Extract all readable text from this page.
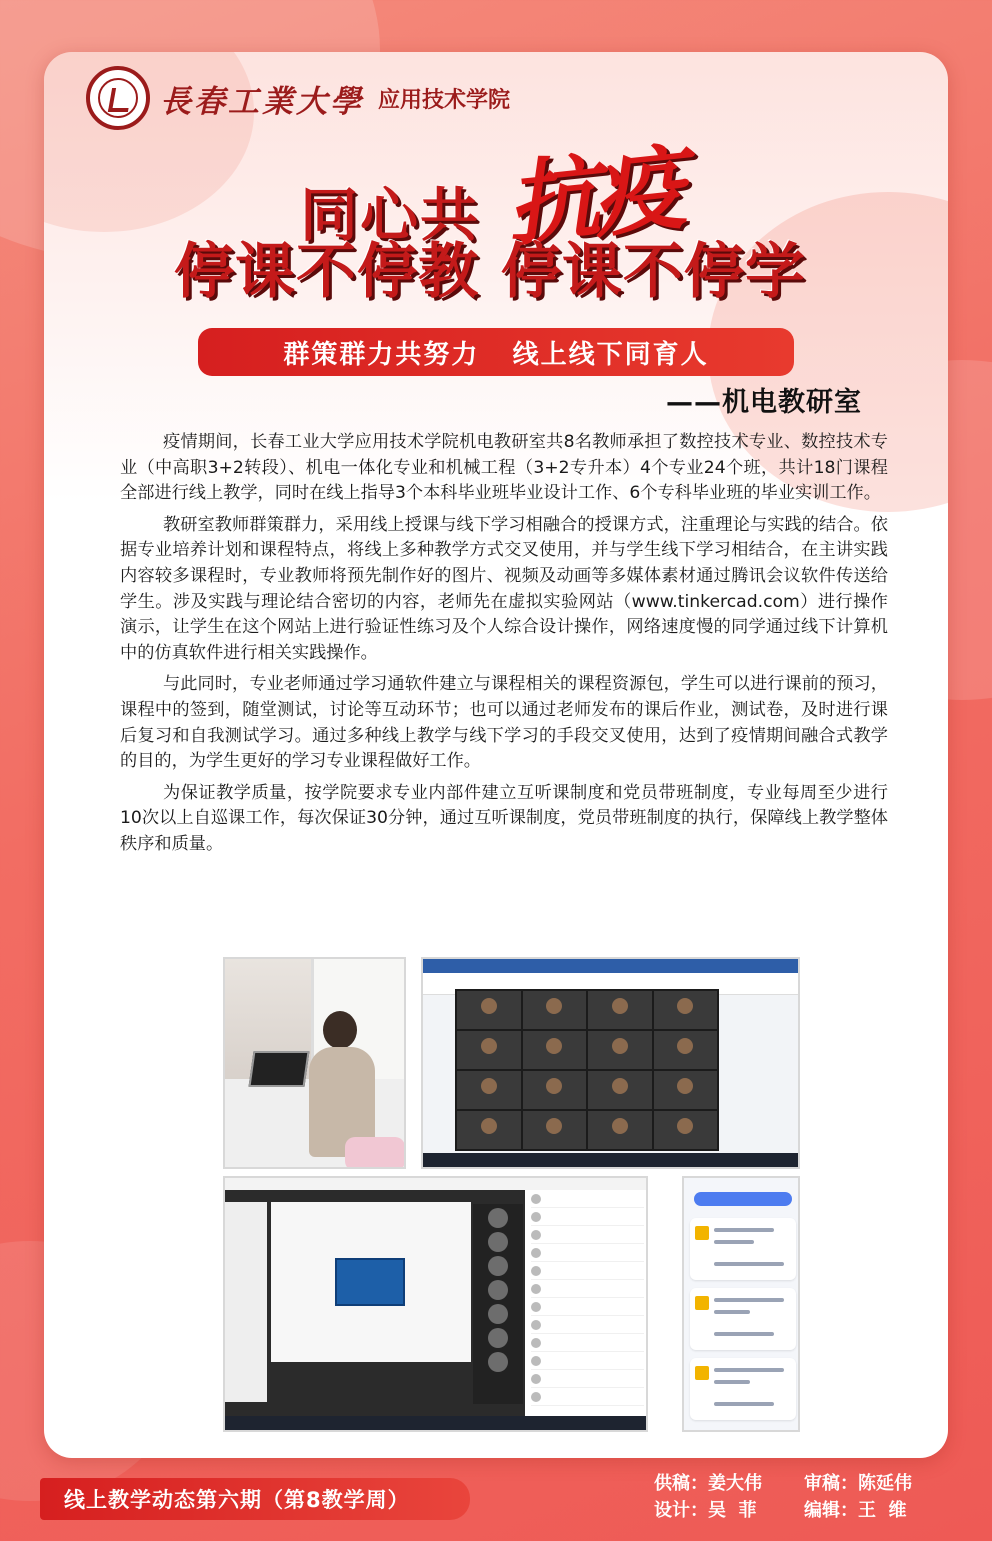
長春工業大學 应用技术学院
同心共 抗疫
停课不停教 停课不停学
群策群力共努力   线上线下同育人
——机电教研室

疫情期间，长春工业大学应用技术学院机电教研室共8名教师承担了数控技术专业、数控技术专业（中高职3+2转段）、机电一体化专业和机械工程（3+2专升本）4个专业24个班，共计18门课程全部进行线上教学，同时在线上指导3个本科毕业班毕业设计工作、6个专科毕业班的毕业实训工作。

教研室教师群策群力，采用线上授课与线下学习相融合的授课方式，注重理论与实践的结合。依据专业培养计划和课程特点，将线上多种教学方式交叉使用，并与学生线下学习相结合，在主讲实践内容较多课程时，专业教师将预先制作好的图片、视频及动画等多媒体素材通过腾讯会议软件传送给学生。涉及实践与理论结合密切的内容，老师先在虚拟实验网站（www.tinkercad.com）进行操作演示，让学生在这个网站上进行验证性练习及个人综合设计操作，网络速度慢的同学通过线下计算机中的仿真软件进行相关实践操作。

与此同时，专业老师通过学习通软件建立与课程相关的课程资源包，学生可以进行课前的预习，课程中的签到，随堂测试，讨论等互动环节；也可以通过老师发布的课后作业，测试卷，及时进行课后复习和自我测试学习。通过多种线上教学与线下学习的手段交叉使用，达到了疫情期间融合式教学的目的，为学生更好的学习专业课程做好工作。

为保证教学质量，按学院要求专业内部件建立互听课制度和党员带班制度，专业每周至少进行10次以上自巡课工作，每次保证30分钟，通过互听课制度，党员带班制度的执行，保障线上教学整体秩序和质量。

线上教学动态第六期（第8教学周）
供稿：姜大伟	审稿：陈延伟
设计：吴  菲	编辑：王  维
